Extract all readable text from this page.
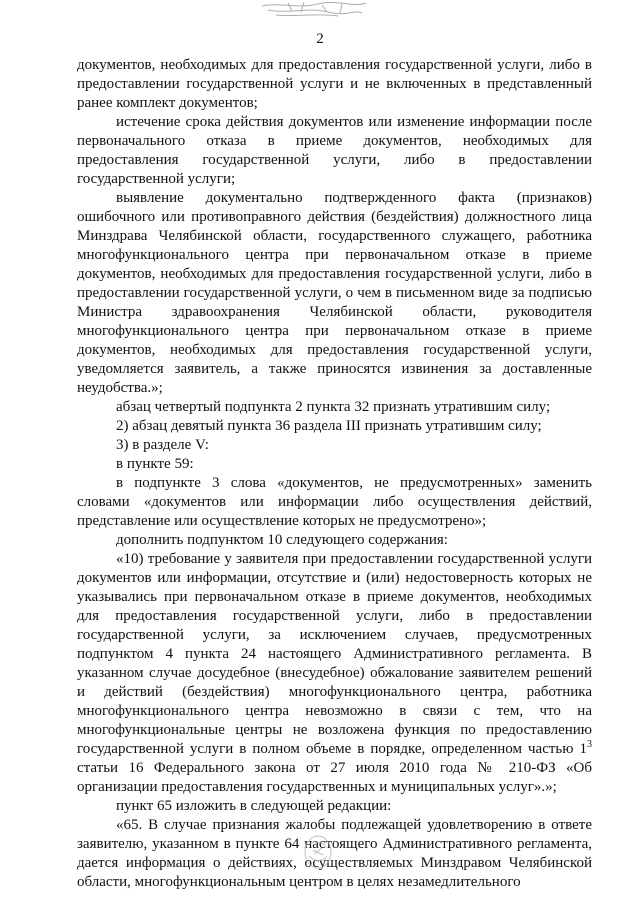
2

документов, необходимых для предоставления государственной услуги, либо в предоставлении государственной услуги и не включенных в представленный ранее комплект документов;

истечение срока действия документов или изменение информации после первоначального отказа в приеме документов, необходимых для предоставления государственной услуги, либо в предоставлении государственной услуги;

выявление документально подтвержденного факта (признаков) ошибочного или противоправного действия (бездействия) должностного лица Минздрава Челябинской области, государственного служащего, работника многофункционального центра при первоначальном отказе в приеме документов, необходимых для предоставления государственной услуги, либо в предоставлении государственной услуги, о чем в письменном виде за подписью Министра здравоохранения Челябинской области, руководителя многофункционального центра при первоначальном отказе в приеме документов, необходимых для предоставления государственной услуги, уведомляется заявитель, а также приносятся извинения за доставленные неудобства.»;

абзац четвертый подпункта 2 пункта 32 признать утратившим силу;

2) абзац девятый пункта 36 раздела III признать утратившим силу;

3) в разделе V:

в пункте 59:

в подпункте 3 слова «документов, не предусмотренных» заменить словами «документов или информации либо осуществления действий, представление или осуществление которых не предусмотрено»;

дополнить подпунктом 10 следующего содержания:

«10) требование у заявителя при предоставлении государственной услуги документов или информации, отсутствие и (или) недостоверность которых не указывались при первоначальном отказе в приеме документов, необходимых для предоставления государственной услуги, либо в предоставлении государственной услуги, за исключением случаев, предусмотренных подпунктом 4 пункта 24 настоящего Административного регламента. В указанном случае досудебное (внесудебное) обжалование заявителем решений и действий (бездействия) многофункционального центра, работника многофункционального центра невозможно в связи с тем, что на многофункциональные центры не возложена функция по предоставлению государственной услуги в полном объеме в порядке, определенном частью $1^3$ статьи 16 Федерального закона от 27 июля 2010 года № 210-ФЗ «Об организации предоставления государственных и муниципальных услуг».»;

пункт 65 изложить в следующей редакции:

«65. В случае признания жалобы подлежащей удовлетворению в ответе заявителю, указанном в пункте 64 настоящего Административного регламента, дается информация о действиях, осуществляемых Минздравом Челябинской области, многофункциональным центром в целях незамедлительного
